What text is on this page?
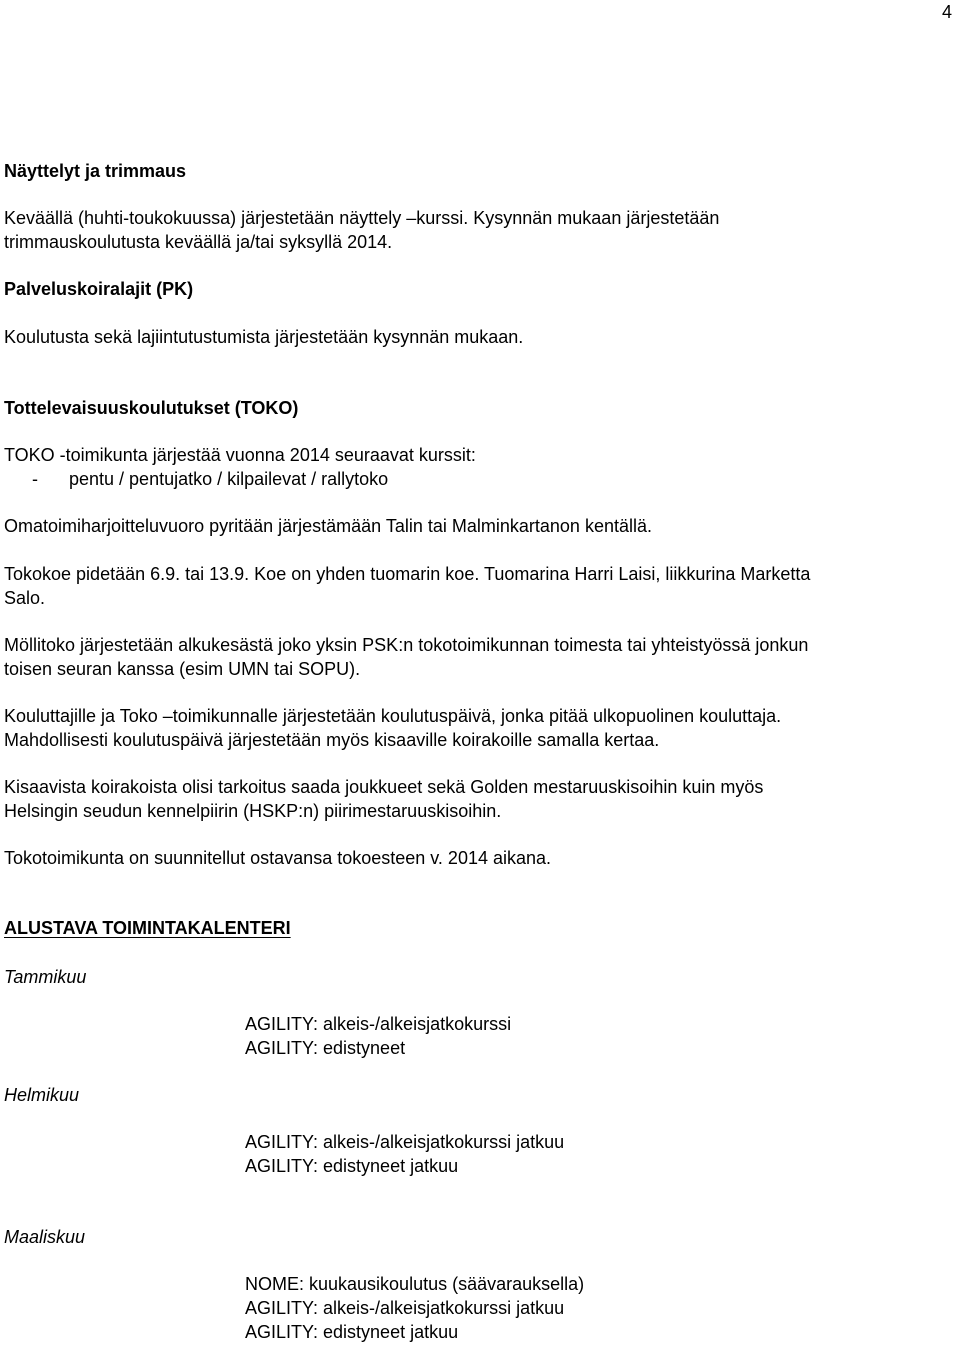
4
Näyttelyt ja trimmaus
Keväällä (huhti-toukokuussa) järjestetään näyttely –kurssi. Kysynnän mukaan järjestetään
trimmauskoulutusta keväällä ja/tai syksyllä 2014.
Palveluskoiralajit (PK)
Koulutusta sekä lajiintutustumista järjestetään kysynnän mukaan.
Tottelevaisuuskoulutukset (TOKO)
TOKO -toimikunta järjestää vuonna 2014 seuraavat kurssit:
- pentu / pentujatko / kilpailevat / rallytoko
Omatoimiharjoitteluvuoro pyritään järjestämään Talin tai Malminkartanon kentällä.
Tokokoe pidetään 6.9. tai 13.9. Koe on yhden tuomarin koe. Tuomarina Harri Laisi, liikkurina Marketta
Salo.
Möllitoko järjestetään alkukesästä joko yksin PSK:n tokotoimikunnan toimesta tai yhteistyössä jonkun
toisen seuran kanssa (esim UMN tai SOPU).
Kouluttajille ja Toko –toimikunnalle järjestetään koulutuspäivä, jonka pitää ulkopuolinen kouluttaja.
Mahdollisesti koulutuspäivä järjestetään myös kisaaville koirakoille samalla kertaa.
Kisaavista koirakoista olisi tarkoitus saada joukkueet sekä Golden mestaruuskisoihin kuin myös
Helsingin seudun kennelpiirin (HSKP:n) piirimestaruuskisoihin.
Tokotoimikunta on suunnitellut ostavansa tokoesteen v. 2014 aikana.
ALUSTAVA TOIMINTAKALENTERI
Tammikuu
AGILITY: alkeis-/alkeisjatkokurssi
AGILITY: edistyneet
Helmikuu
AGILITY: alkeis-/alkeisjatkokurssi jatkuu
AGILITY: edistyneet jatkuu
Maaliskuu
NOME: kuukausikoulutus (säävarauksella)
AGILITY: alkeis-/alkeisjatkokurssi jatkuu
AGILITY: edistyneet jatkuu
